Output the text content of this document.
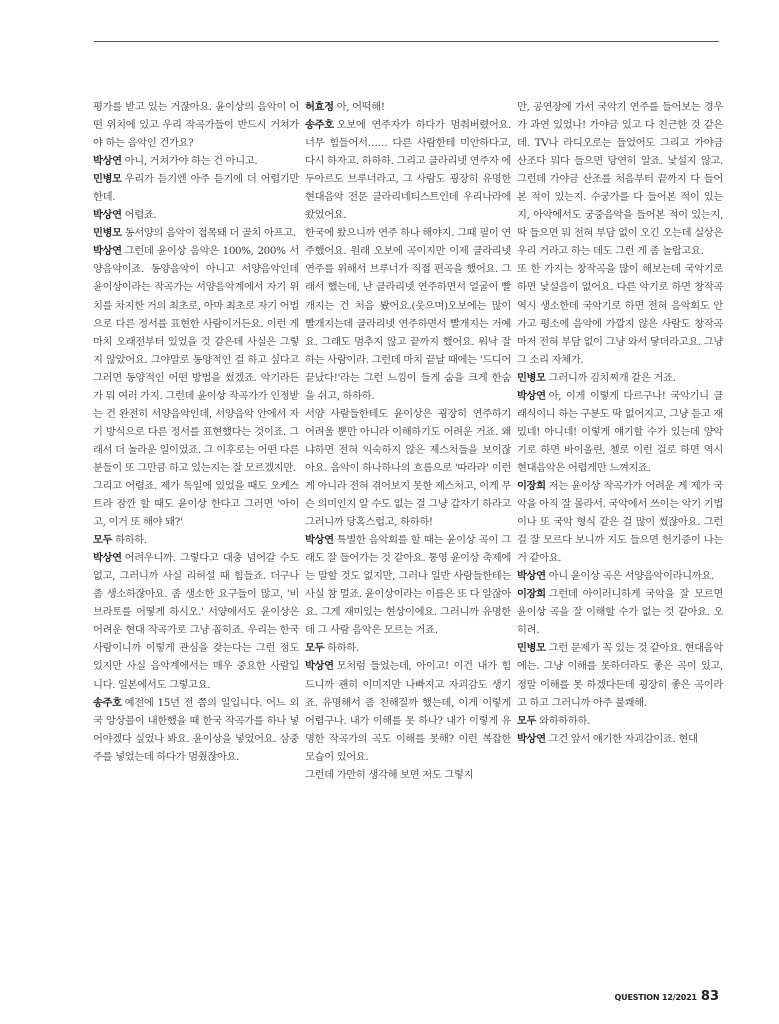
평가를 받고 있는 거잖아요. 윤이상의 음악이 어떤 위치에 있고 우리 작곡가들이 반드시 거쳐가야 하는 음악인 건가요?

박상연 아니, 거쳐가야 하는 건 아니고.

민병모 우리가 듣기엔 아주 듣기에 더 어렵기만 한데.

박상연 어렵죠.

민병모 동서양의 음악이 접목돼 더 골치 아프고.

박상연 그런데 윤이상 음악은 100%, 200% 서양음악이죠. 동양음악이 아니고 서양음악인데 윤이상이라는 작곡가는 서양음악계에서 자기 위치를 차지한 거의 최초로, 아마 최초로 자기 어법으로 다른 정서를 표현한 사람이거든요. 이런 게 마치 오래전부터 있었을 것 같은데 사실은 그렇지 않았어요. 그야말로 동양적인 걸 하고 싶다고 그러면 동양적인 어떤 방법을 썼겠죠. 악기라든가 뭐 여러 가지. 그런데 윤이상 작곡가가 인정받는 건 완전히 서양음악인데, 서양음악 안에서 자기 방식으로 다른 정서를 표현했다는 것이죠. 그래서 더 놀라운 일이었죠. 그 이후로는 어떤 다른 분들이 또 그만큼 하고 있는지는 잘 모르겠지만.

그리고 어렵죠. 제가 독일에 있었을 때도 오케스트라 잠깐 할 때도 윤이상 한다고 그러면 '아이고, 이거 또 해야 돼?'

모두 하하하.

박상연 어려우니까. 그렇다고 대충 넘어갈 수도 없고, 그러니까 사실 리허설 때 힘들죠. 더구나 좀 생소하잖아요. 좀 생소한 요구들이 많고, '비브라토를 어떻게 하시오.' 서양에서도 윤이상은 어려운 현대 작곡가로 그냥 꼽히죠. 우리는 한국 사람이니까 이렇게 관심을 갖는다는 그런 점도 있지만 사실 음악계에서는 매우 중요한 사람입니다. 일본에서도 그렇고요.

송주호 예전에 15년 전 쯤의 일입니다. 어느 외국 앙상블이 내한했을 때 한국 작곡가를 하나 넣어야겠다 싶었나 봐요. 윤이상을 넣었어요. 삼중주를 넣었는데 하다가 멈췄잖아요.

허효정 아, 어떡해!

송주호 오보에 연주자가 하다가 멈춰버렸어요. 너무 힘들어서…… 다른 사람한테 미안하다고, 다시 하자고. 하하하. 그리고 클라리넷 연주자 에두아르도 브루너라고, 그 사람도 굉장히 유명한 현대음악 전문 클라리네티스트인데 우리나라에 왔었어요.

한국에 왔으니까 연주 하나 해야지. 그때 필이 연주했어요. 원래 오보에 곡이지만 이제 클라리넷 연주를 위해서 브루너가 직접 편곡을 했어요. 그래서 했는데, 난 클라리넷 연주하면서 얼굴이 빨개지는 건 처음 봤어요.(웃으며)오보에는 많이 빨개지는데 클라리넷 연주하면서 빨개지는 거예요. 그래도 멈추지 않고 끝까지 했어요. 워낙 잘하는 사람이라. 그런데 마치 끝날 때에는 '드디어 끝났다!'라는 그런 느낌이 들게 숨을 크게 한숨을 쉬고, 하하하.

서양 사람들한테도 윤이상은 굉장히 연주하기 어려울 뿐만 아니라 이해하기도 어려운 거죠. 왜냐하면 전혀 익숙하지 않은 제스처들을 보이잖아요. 음악이 하나하나의 흐름으로 '따라라' 이런 게 아니라 전혀 겪어보지 못한 제스처고, 이게 무슨 의미인지 알 수도 없는 걸 그냥 갑자기 하라고 그러니까 당혹스럽고, 하하하!

박상연 특별한 음악회를 할 때는 윤이상 곡이 그래도 잘 들어가는 것 같아요. 통영 윤이상 축제에는 말할 것도 없지만, 그러나 일반 사람들한테는 사실 참 멀죠. 윤이상이라는 이름은 또 다 알잖아요. 그게 재미있는 현상이에요. 그러니까 유명한데 그 사람 음악은 모르는 거죠.

모두 하하하.

박상연 모처럼 들었는데, 아이고! 이건 내가 힘드니까 괜히 이미지만 나빠지고 자괴감도 생기죠. 유명해서 좀 친해질까 했는데, 이게 이렇게 어렵구나. 내가 이해를 못 하나? 내가 이렇게 유명한 작곡가의 곡도 이해를 못해? 이런 복잡한 모습이 있어요.

그런데 가만히 생각해 보면 저도 그렇지

만, 공연장에 가서 국악기 연주를 들어보는 경우가 과연 있었나! 가야금 있고 다 친근한 것 같은데. TV나 라디오로는 들었어도 그리고 가야금 산조다 뭐다 들으면 당연히 알죠. 낯설지 않고. 그런데 가야금 산조를 처음부터 끝까지 다 들어본 적이 있는지. 수궁가를 다 들어본 적이 있는지, 아악에서도 궁중음악을 들어본 적이 있는지, 딱 들으면 뭐 전혀 부담 없이 오긴 오는데 실상은 우리 거라고 하는 데도 그런 게 좀 놀랍고요.

또 한 가지는 창작곡을 많이 해보는데 국악기로 하면 낯설음이 없어요. 다른 악기로 하면 창작곡 역시 생소한데 국악기로 하면 전혀 음악회도 안 가고 평소에 음악에 가깝지 않은 사람도 창작곡마저 전혀 부담 없이 그냥 와서 닿더라고요. 그냥 그 소리 자체가.

민병모 그러니까 김치찌개 같은 거죠.

박상연 아, 이게 이렇게 다르구나! 국악기니 클래식이니 하는 구분도 딱 없어지고, 그냥 듣고 재밌네! 아니네! 이렇게 얘기할 수가 있는데 양악기로 하면 바이올린, 첼로 이런 걸로 하면 역시 현대음악은 어렵게만 느껴지죠.

이장희 저는 윤이상 작곡가가 어려운 게 제가 국악을 아직 잘 몰라서. 국악에서 쓰이는 악기 기법이나 또 국악 형식 같은 걸 많이 썼잖아요. 그런 걸 잘 모르다 보니까 지도 들으면 헌기증이 나는 거 같아요.

박상연 아니 윤이상 곡은 서양음악이라니까요.

이장희 그런데 아이러니하게 국악을 잘 모르면 윤이상 곡을 잘 이해할 수가 없는 것 같아요. 오히려.

민병모 그런 문제가 꼭 있는 것 같아요. 현대음악에는. 그냥 이해를 못하더라도 좋은 곡이 있고, 정말 이해를 못 하겠다든데 굉장히 좋은 곡이라고 하고 그러니까 아주 불쾌해.

모두 와하하하하.

박상연 그건 앞서 얘기한 자괴감이죠. 현대

QUESTION 12/2021 83
